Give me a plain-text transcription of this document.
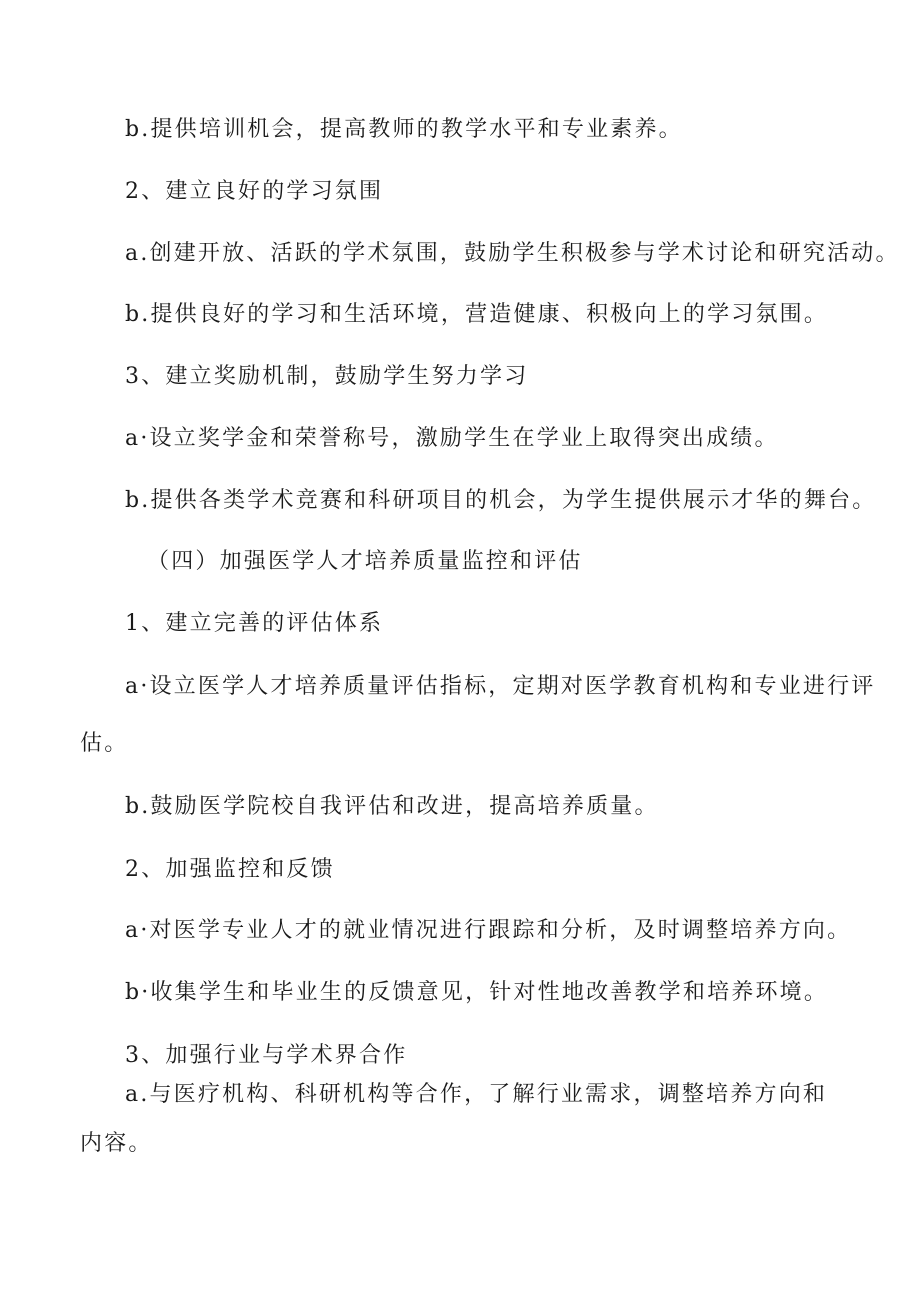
b.提供培训机会，提高教师的教学水平和专业素养。
2、建立良好的学习氛围
a.创建开放、活跃的学术氛围，鼓励学生积极参与学术讨论和研究活动。
b.提供良好的学习和生活环境，营造健康、积极向上的学习氛围。
3、建立奖励机制，鼓励学生努力学习
a·设立奖学金和荣誉称号，激励学生在学业上取得突出成绩。
b.提供各类学术竞赛和科研项目的机会，为学生提供展示才华的舞台。
（四）加强医学人才培养质量监控和评估
1、建立完善的评估体系
a·设立医学人才培养质量评估指标，定期对医学教育机构和专业进行评
估。
b.鼓励医学院校自我评估和改进，提高培养质量。
2、加强监控和反馈
a·对医学专业人才的就业情况进行跟踪和分析，及时调整培养方向。
b·收集学生和毕业生的反馈意见，针对性地改善教学和培养环境。
3、加强行业与学术界合作
a.与医疗机构、科研机构等合作，了解行业需求，调整培养方向和
内容。
